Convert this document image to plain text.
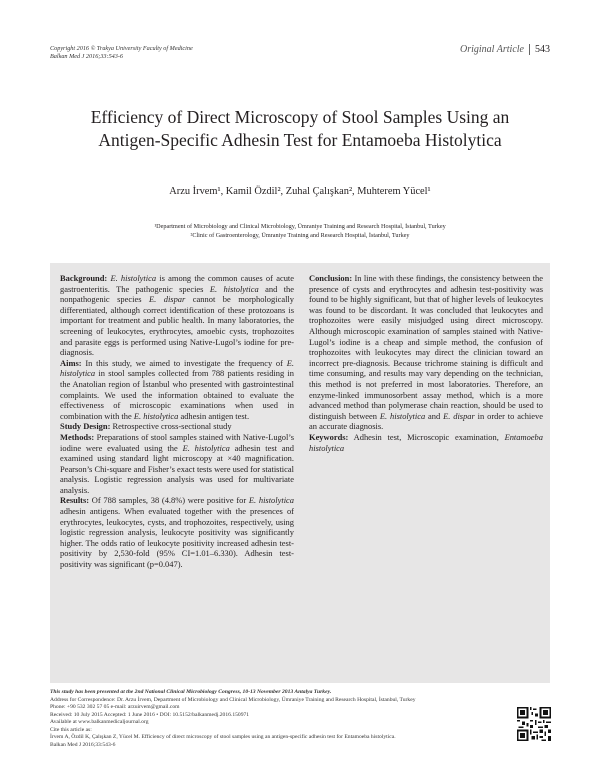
Copyright 2016 © Trakya University Faculty of Medicine
Balkan Med J 2016;33:543-6
Original Article 543
Efficiency of Direct Microscopy of Stool Samples Using an Antigen-Specific Adhesin Test for Entamoeba Histolytica
Arzu İrvem¹, Kamil Özdil², Zuhal Çalışkan², Muhterem Yücel¹
¹Department of Microbiology and Clinical Microbiology, Ümraniye Training and Research Hospital, İstanbul, Turkey
²Clinic of Gastroenterology, Ümraniye Training and Research Hospital, İstanbul, Turkey

Background: E. histolytica is among the common causes of acute gastroenteritis. The pathogenic species E. histolytica and the nonpathogenic species E. dispar cannot be morphologically differentiated, although correct identification of these protozoans is important for treatment and public health. In many laboratories, the screening of leukocytes, erythrocytes, amoebic cysts, trophozoites and parasite eggs is performed using Native-Lugol’s iodine for pre-diagnosis.

Aims: In this study, we aimed to investigate the frequency of E. histolytica in stool samples collected from 788 patients residing in the Anatolian region of İstanbul who presented with gastrointestinal complaints. We used the information obtained to evaluate the effectiveness of microscopic examinations when used in combination with the E. histolytica adhesin antigen test.

Study Design: Retrospective cross-sectional study

Methods: Preparations of stool samples stained with Native-Lugol’s iodine were evaluated using the E. histolytica adhesin test and examined using standard light microscopy at ×40 magnification. Pearson’s Chi-square and Fisher’s exact tests were used for statistical analysis. Logistic regression analysis was used for multivariate analysis.

Results: Of 788 samples, 38 (4.8%) were positive for E. histolytica adhesin antigens. When evaluated together with the presences of erythrocytes, leukocytes, cysts, and trophozoites, respectively, using logistic regression analysis, leukocyte positivity was significantly higher. The odds ratio of leukocyte positivity increased adhesin test-positivity by 2,530-fold (95% CI=1.01–6.330). Adhesin test-positivity was significant (p=0.047).

Conclusion: In line with these findings, the consistency between the presence of cysts and erythrocytes and adhesin test-positivity was found to be highly significant, but that of higher levels of leukocytes was found to be discordant. It was concluded that leukocytes and trophozoites were easily misjudged using direct microscopy. Although microscopic examination of samples stained with Native-Lugol’s iodine is a cheap and simple method, the confusion of trophozoites with leukocytes may direct the clinician toward an incorrect pre-diagnosis. Because trichrome staining is difficult and time consuming, and results may vary depending on the technician, this method is not preferred in most laboratories. Therefore, an enzyme-linked immunosorbent assay method, which is a more advanced method than polymerase chain reaction, should be used to distinguish between E. histolytica and E. dispar in order to achieve an accurate diagnosis.

Keywords: Adhesin test, Microscopic examination, Entamoeba histolytica

This study has been presented at the 2nd National Clinical Microbiology Congress, 10-13 November 2013 Antalya Turkey.
Address for Correspondence: Dr. Arzu İrvem, Department of Microbiology and Clinical Microbiology, Ümraniye Training and Research Hospital, İstanbul, Turkey
Phone: +90 532 302 57 05 e-mail: arzuirvem@gmail.com
Received: 10 July 2015 Accepted: 1 June 2016 • DOI: 10.5152/balkanmedj.2016.150971
Available at www.balkanmedicaljournal.org
Cite this article as:
İrvem A, Özdil K, Çalışkan Z, Yücel M. Efficiency of direct microscopy of stool samples using an antigen-specific adhesin test for Entamoeba histolytica.
Balkan Med J 2016;33:543-6
